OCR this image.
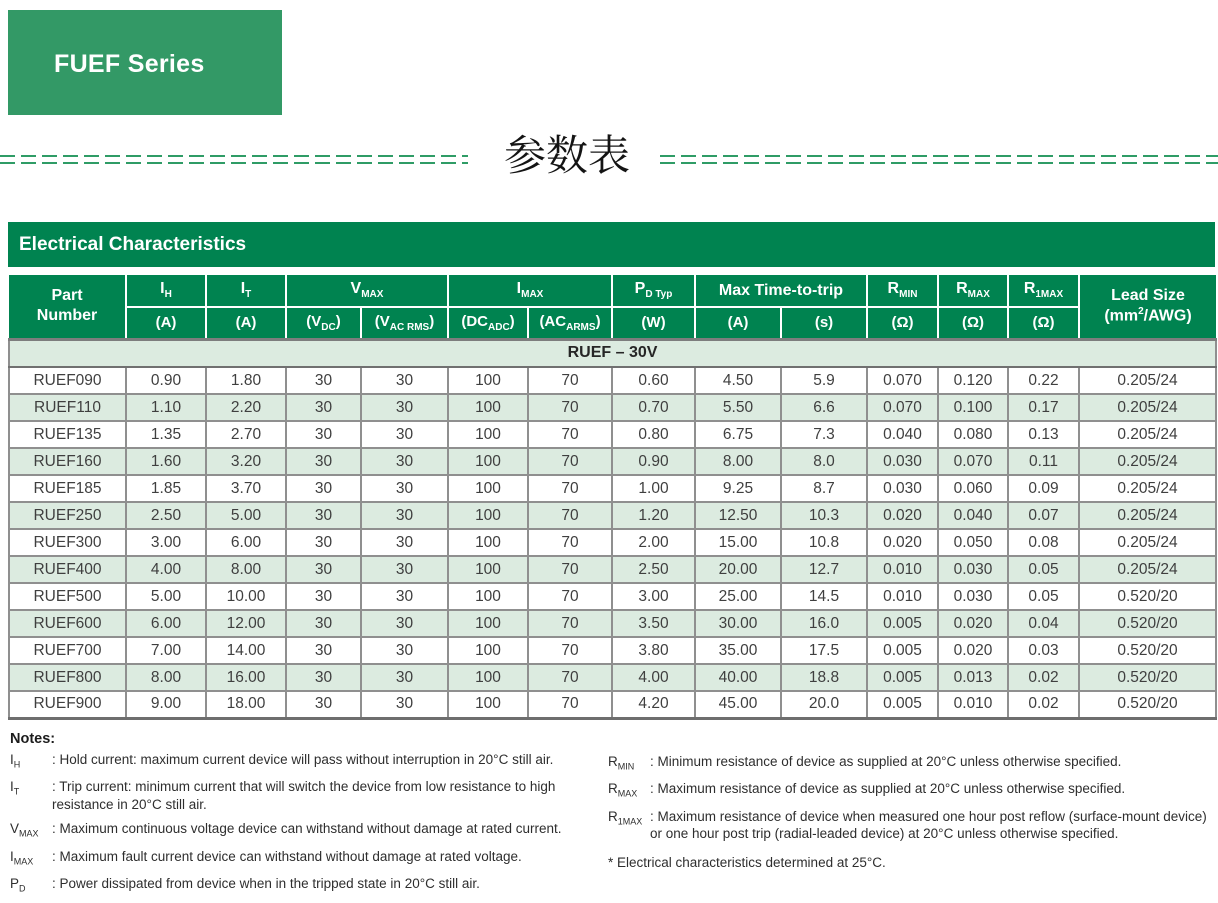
FUEF Series
参数表
Electrical Characteristics
Part
Number
	$I_H$	$I_T$	$V_{MAX}$	$I_{MAX}$	$P_{D Typ}$	Max Time-to-trip	$R_{MIN}$	$R_{MAX}$	$R_{1MAX}$	Lead Size
$(mm^2/AWG)$

	(A)	(A)	$(V_{DC})$	$(V_{AC RMS})$	$(DC_{ADC})$	$(AC_{ARMS})$	(W)	(A)	(s)	(Ω)	(Ω)	(Ω)	
RUEF – 30V													
RUEF090	0.90	1.80	30	30	100	70	0.60	4.50	5.9	0.070	0.120	0.22	0.205/24
RUEF110	1.10	2.20	30	30	100	70	0.70	5.50	6.6	0.070	0.100	0.17	0.205/24
RUEF135	1.35	2.70	30	30	100	70	0.80	6.75	7.3	0.040	0.080	0.13	0.205/24
RUEF160	1.60	3.20	30	30	100	70	0.90	8.00	8.0	0.030	0.070	0.11	0.205/24
RUEF185	1.85	3.70	30	30	100	70	1.00	9.25	8.7	0.030	0.060	0.09	0.205/24
RUEF250	2.50	5.00	30	30	100	70	1.20	12.50	10.3	0.020	0.040	0.07	0.205/24
RUEF300	3.00	6.00	30	30	100	70	2.00	15.00	10.8	0.020	0.050	0.08	0.205/24
RUEF400	4.00	8.00	30	30	100	70	2.50	20.00	12.7	0.010	0.030	0.05	0.205/24
RUEF500	5.00	10.00	30	30	100	70	3.00	25.00	14.5	0.010	0.030	0.05	0.520/20
RUEF600	6.00	12.00	30	30	100	70	3.50	30.00	16.0	0.005	0.020	0.04	0.520/20
RUEF700	7.00	14.00	30	30	100	70	3.80	35.00	17.5	0.005	0.020	0.03	0.520/20
RUEF800	8.00	16.00	30	30	100	70	4.00	40.00	18.8	0.005	0.013	0.02	0.520/20
RUEF900	9.00	18.00	30	30	100	70	4.20	45.00	20.0	0.005	0.010	0.02	0.520/20
Notes:
$I_H$	: Hold current: maximum current device will pass without interruption in 20°C still air.
$I_T$	: Trip current: minimum current that will switch the device from low resistance to high resistance in 20°C still air.
$V_{MAX}$ : Maximum continuous voltage device can withstand without damage at rated current.
$I_{MAX}$	: Maximum fault current device can withstand without damage at rated voltage.
$P_D$	: Power dissipated from device when in the tripped state in 20°C still air.
$R_{MIN}$	: Minimum resistance of device as supplied at 20°C unless otherwise specified.
$R_{MAX}$ : Maximum resistance of device as supplied at 20°C unless otherwise specified.
$R_{1MAX}$ : Maximum resistance of device when measured one hour post reflow (surface-mount device) or one hour post trip (radial-leaded device) at 20°C unless otherwise specified.
* Electrical characteristics determined at 25°C.
